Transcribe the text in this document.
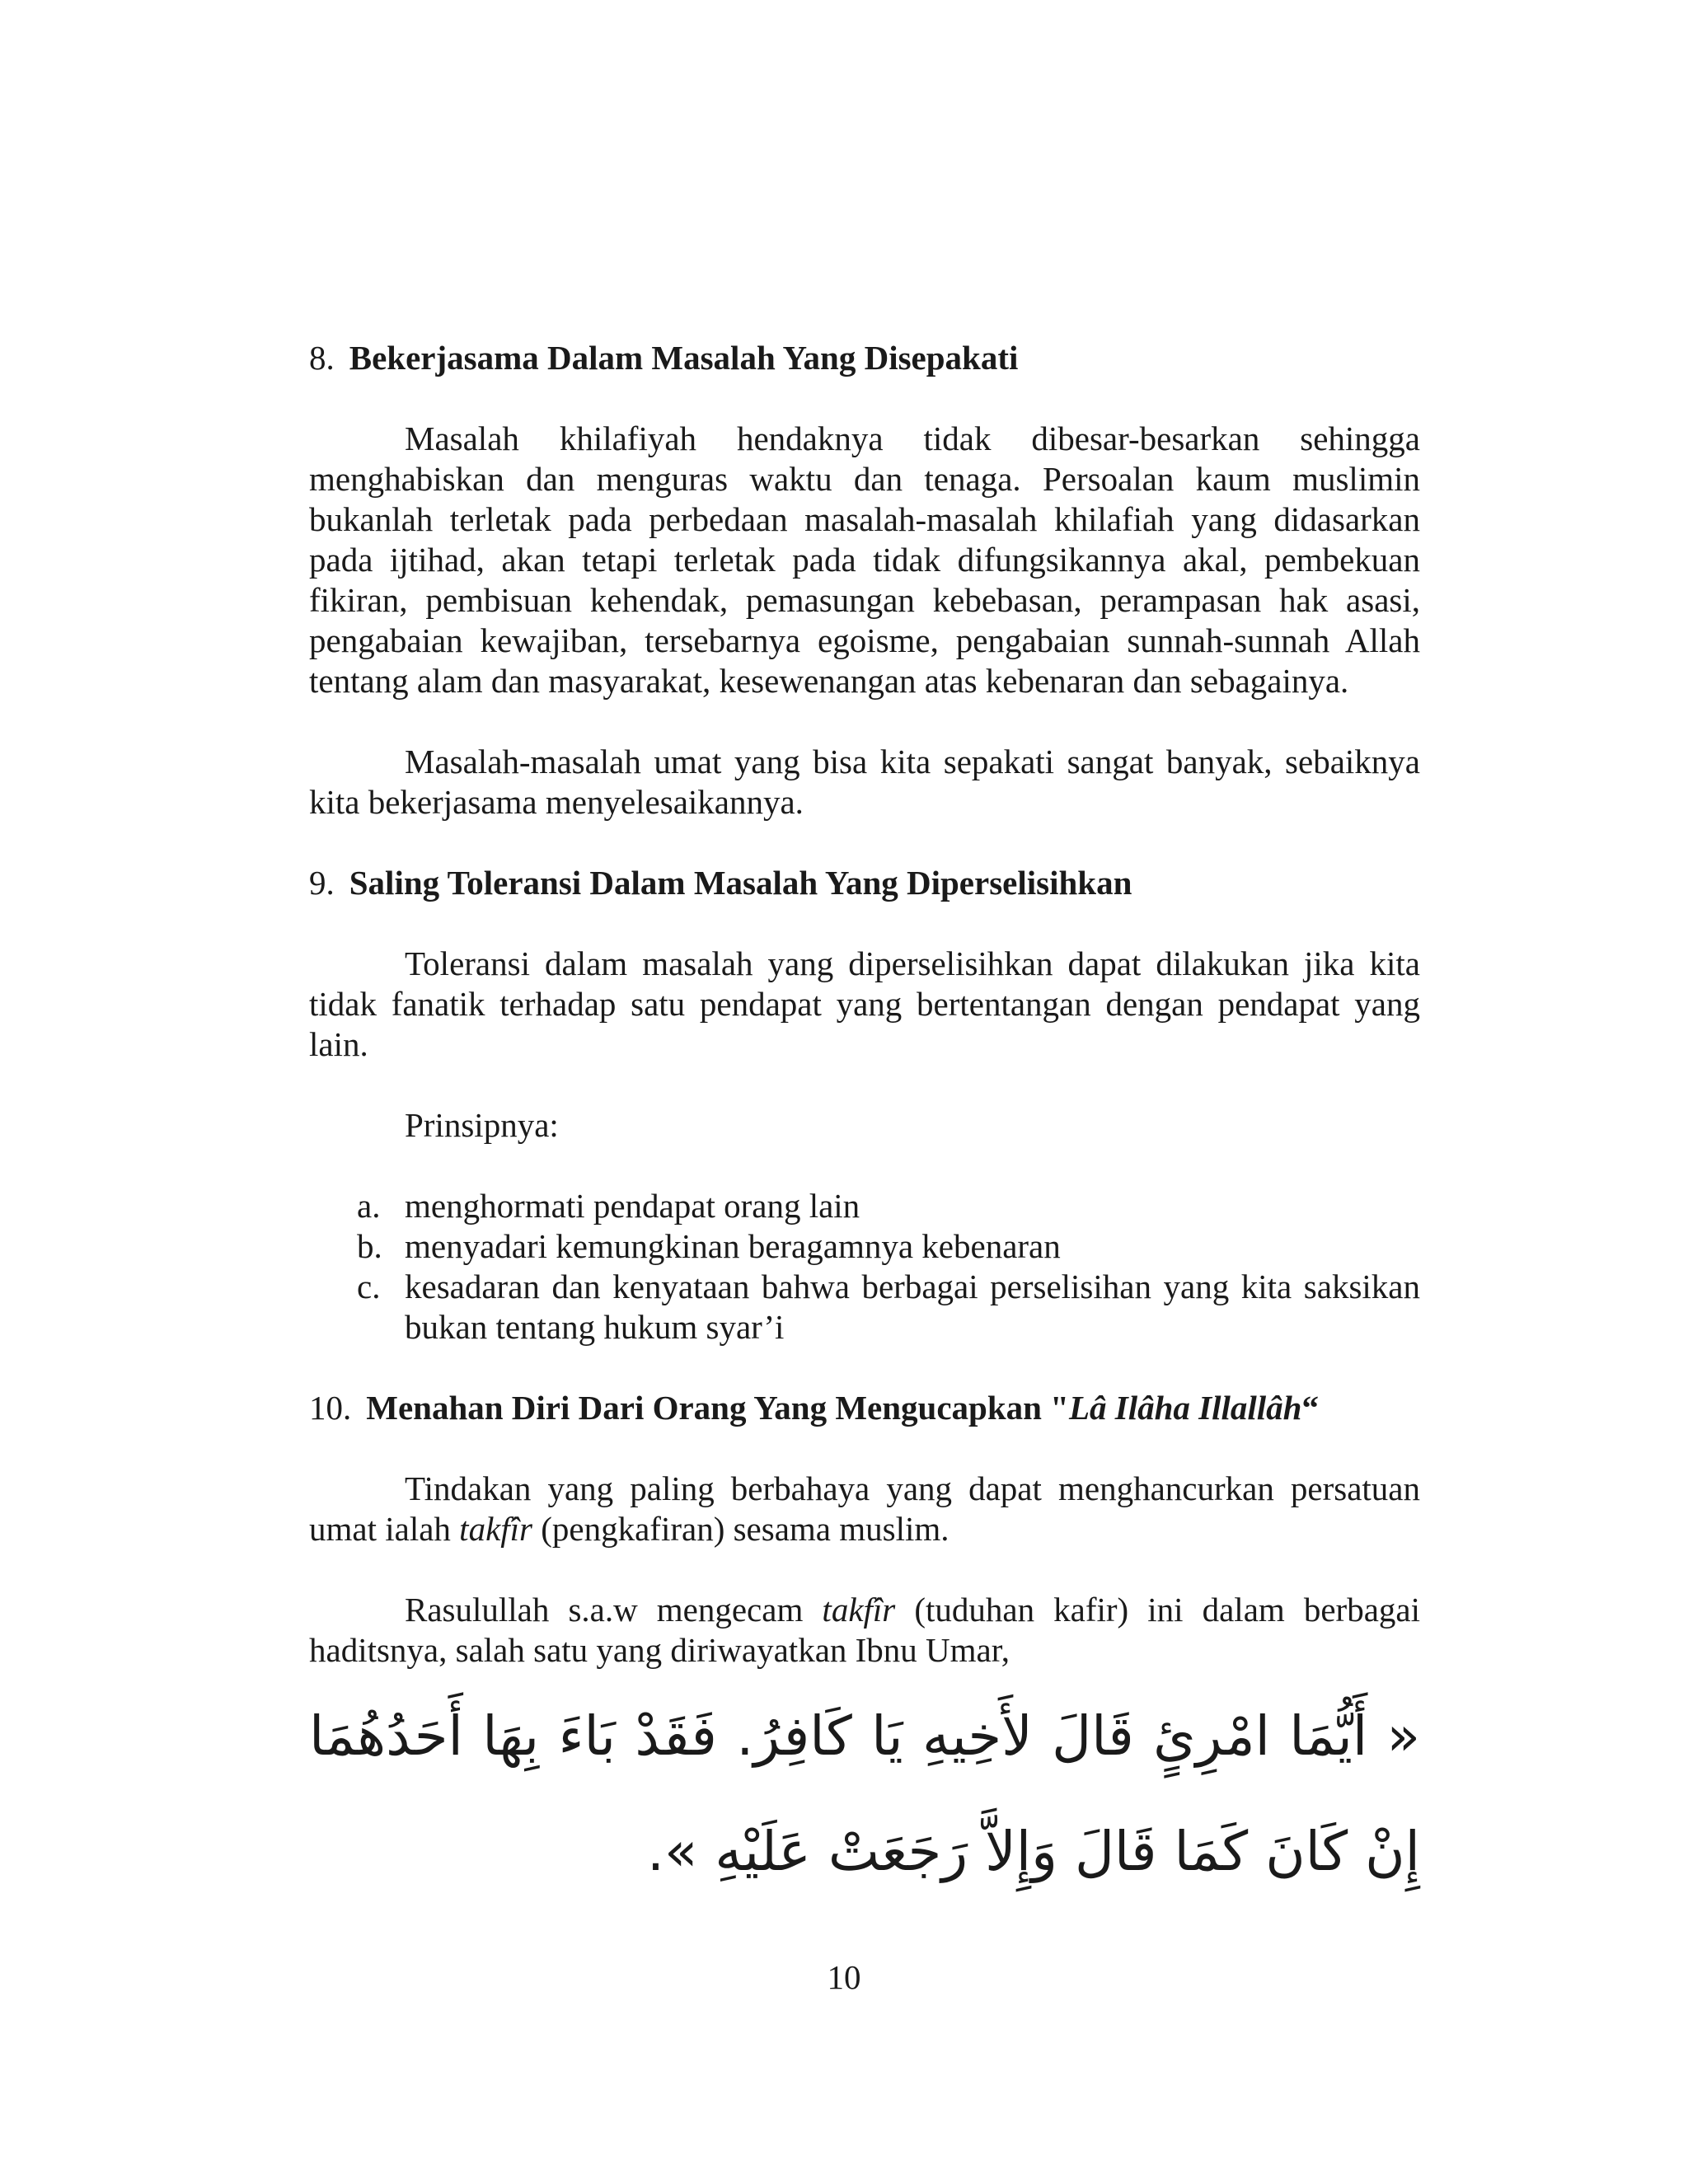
8. Bekerjasama Dalam Masalah Yang Disepakati

Masalah khilafiyah hendaknya tidak dibesar-besarkan sehingga menghabiskan dan menguras waktu dan tenaga. Persoalan kaum muslimin bukanlah terletak pada perbedaan masalah-masalah khilafiah yang didasarkan pada ijtihad, akan tetapi terletak pada tidak difungsikannya akal, pembekuan fikiran, pembisuan kehendak, pemasungan kebebasan, perampasan hak asasi, pengabaian kewajiban, tersebarnya egoisme, pengabaian sunnah-sunnah Allah tentang alam dan masyarakat, kesewenangan atas kebenaran dan sebagainya.

Masalah-masalah umat yang bisa kita sepakati sangat banyak, sebaiknya kita bekerjasama menyelesaikannya.

9. Saling Toleransi Dalam Masalah Yang Diperselisihkan

Toleransi dalam masalah yang diperselisihkan dapat dilakukan jika kita tidak fanatik terhadap satu pendapat yang bertentangan dengan pendapat yang lain.

Prinsipnya:

a. menghormati pendapat orang lain
b. menyadari kemungkinan beragamnya kebenaran
c. kesadaran dan kenyataan bahwa berbagai perselisihan yang kita saksikan bukan tentang hukum syar’i
10. Menahan Diri Dari Orang Yang Mengucapkan "Lâ Ilâha Illallâh“

Tindakan yang paling berbahaya yang dapat menghancurkan persatuan umat ialah takfîr (pengkafiran) sesama muslim.

Rasulullah s.a.w mengecam takfîr (tuduhan kafir) ini dalam berbagai haditsnya, salah satu yang diriwayatkan Ibnu Umar,

« أَيُّمَا امْرِئٍ قَالَ لأَخِيهِ يَا كَافِرُ. فَقَدْ بَاءَ بِهَا أَحَدُهُمَا
إِنْ كَانَ كَمَا قَالَ وَإِلاَّ رَجَعَتْ عَلَيْهِ ».

10
